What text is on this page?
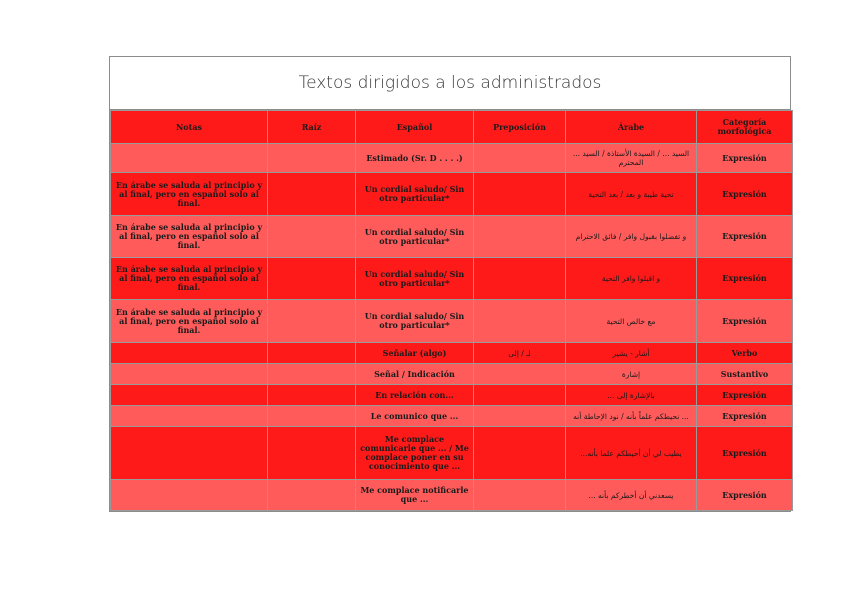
Textos dirigidos a los administrados
Notas	Raíz	Español	Preposición	Árabe	Categoría morfológica
		Estimado (Sr. D . . . .)		السيد ... / السيدة الأستاذة / السيد ... المحترم	Expresión
En árabe se saluda al principio y al final, pero en español solo al final.		Un cordial saludo/ Sin otro particular*		تحية طيبة و بعد / بعد التحية	Expresión
En árabe se saluda al principio y al final, pero en español solo al final.		Un cordial saludo/ Sin otro particular*		و تفضلوا بقبول وافر / فائق الاحترام	Expresión
En árabe se saluda al principio y al final, pero en español solo al final.		Un cordial saludo/ Sin otro particular*		و اقبلوا وافر التحية	Expresión
En árabe se saluda al principio y al final, pero en español solo al final.		Un cordial saludo/ Sin otro particular*		مع خالص التحية	Expresión
		Señalar (algo)	لـ / إلى	أشار - يشير	Verbo
		Señal / Indicación		إشارة	Sustantivo
		En relación con...		بالإشارة إلى ...	Expresión
		Le comunico que ...		... نحيطكم علماً بأنه / نود الإحاطة أنه	Expresión
		Me complace comunicarle que ... / Me complace poner en su conocimiento que ...		يطيب لي أن أحيطكم علما بأنه...	Expresión
		Me complace notificarle que ...		يسعدني أن أخطركم بأنه ...	Expresión
